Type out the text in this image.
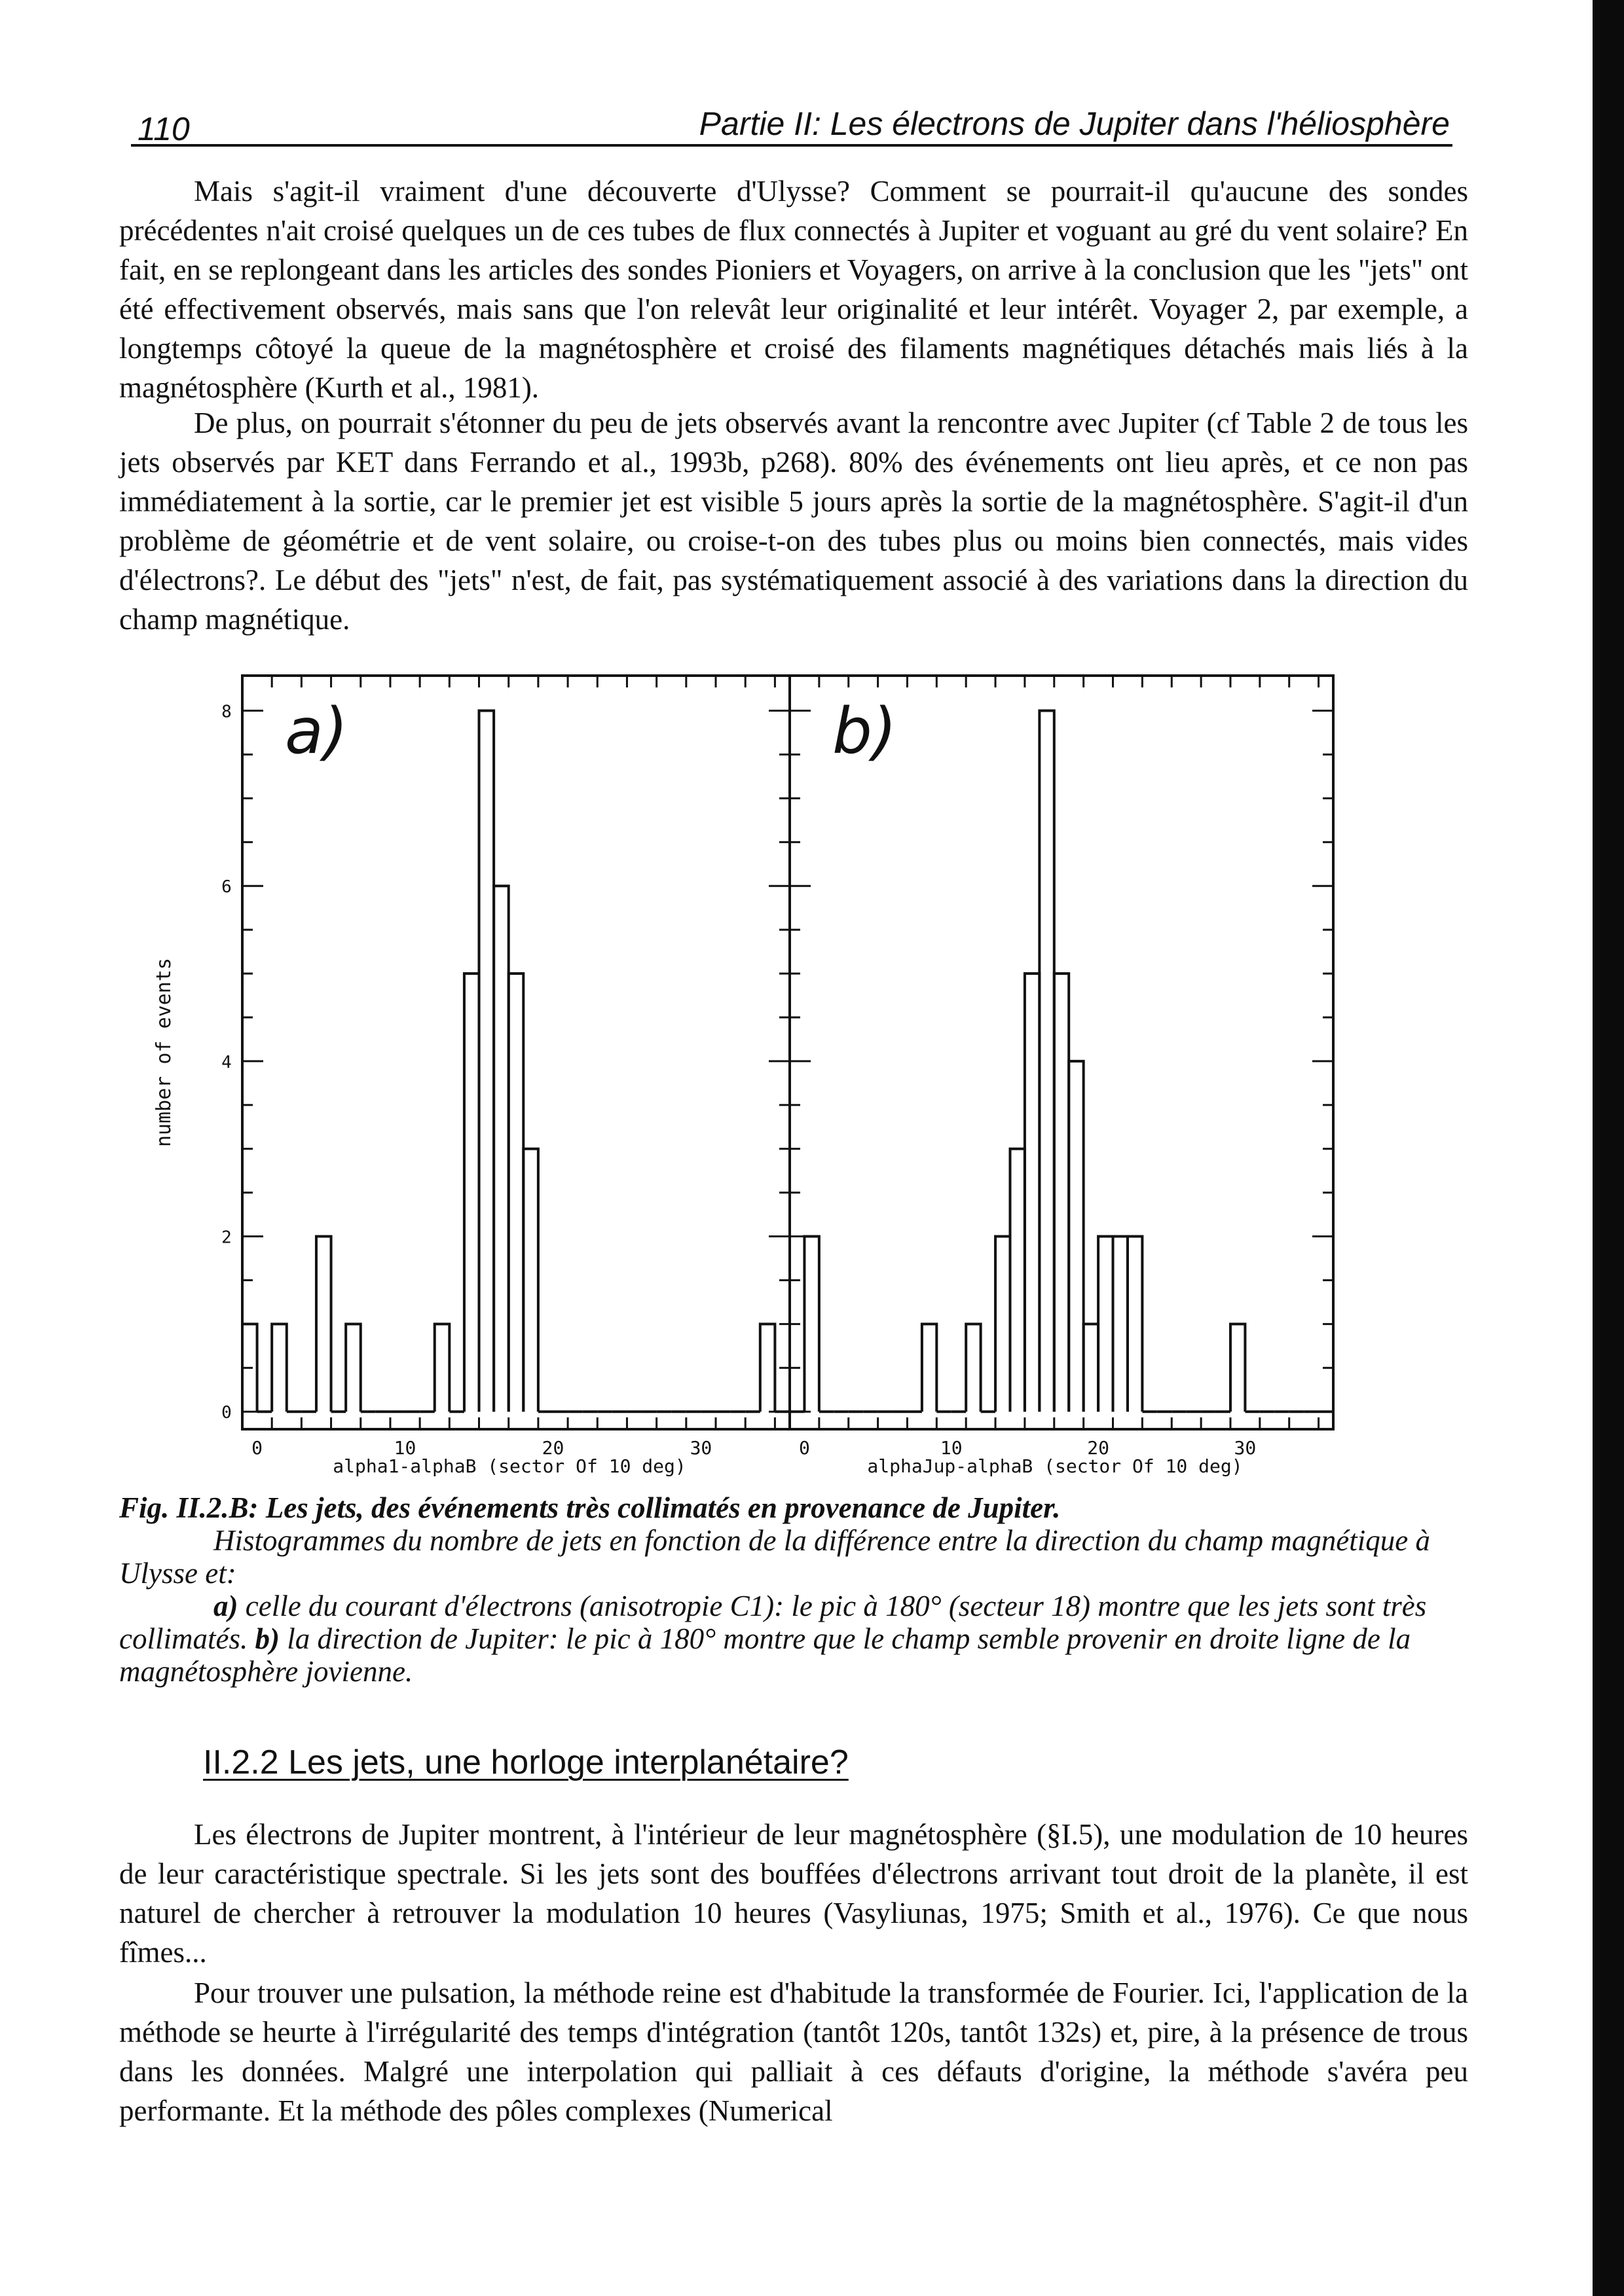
110	Partie II: Les électrons de Jupiter dans l'héliosphère

Mais s'agit-il vraiment d'une découverte d'Ulysse? Comment se pourrait-il qu'aucune des sondes précédentes n'ait croisé quelques un de ces tubes de flux connectés à Jupiter et voguant au gré du vent solaire? En fait, en se replongeant dans les articles des sondes Pioniers et Voyagers, on arrive à la conclusion que les "jets" ont été effectivement observés, mais sans que l'on relevât leur originalité et leur intérêt. Voyager 2, par exemple, a longtemps côtoyé la queue de la magnétosphère et croisé des filaments magnétiques détachés mais liés à la magnétosphère (Kurth et al., 1981).

De plus, on pourrait s'étonner du peu de jets observés avant la rencontre avec Jupiter (cf Table 2 de tous les jets observés par KET dans Ferrando et al., 1993b, p268). 80% des événements ont lieu après, et ce non pas immédiatement à la sortie, car le premier jet est visible 5 jours après la sortie de la magnétosphère. S'agit-il d'un problème de géométrie et de vent solaire, ou croise-t-on des tubes plus ou moins bien connectés, mais vides d'électrons?. Le début des "jets" n'est, de fait, pas systématiquement associé à des variations dans la direction du champ magnétique.

0	10	20	30
0
2
4
6
8
alpha1-alphaB (sector Of 10 deg)
a)
number of events
0	10	20	30
alphaJup-alphaB (sector Of 10 deg)
b)

Fig. II.2.B: Les jets, des événements très collimatés en provenance de Jupiter.

Histogrammes du nombre de jets en fonction de la différence entre la direction du champ magnétique à Ulysse et:

a) celle du courant d'électrons (anisotropie C1): le pic à 180° (secteur 18) montre que les jets sont très collimatés. b) la direction de Jupiter: le pic à 180° montre que le champ semble provenir en droite ligne de la magnétosphère jovienne.

II.2.2 Les jets, une horloge interplanétaire?

Les électrons de Jupiter montrent, à l'intérieur de leur magnétosphère (§I.5), une modulation de 10 heures de leur caractéristique spectrale. Si les jets sont des bouffées d'électrons arrivant tout droit de la planète, il est naturel de chercher à retrouver la modulation 10 heures (Vasyliunas, 1975; Smith et al., 1976). Ce que nous fîmes...

Pour trouver une pulsation, la méthode reine est d'habitude la transformée de Fourier. Ici, l'application de la méthode se heurte à l'irrégularité des temps d'intégration (tantôt 120s, tantôt 132s) et, pire, à la présence de trous dans les données. Malgré une interpolation qui palliait à ces défauts d'origine, la méthode s'avéra peu performante. Et la méthode des pôles complexes (Numerical
